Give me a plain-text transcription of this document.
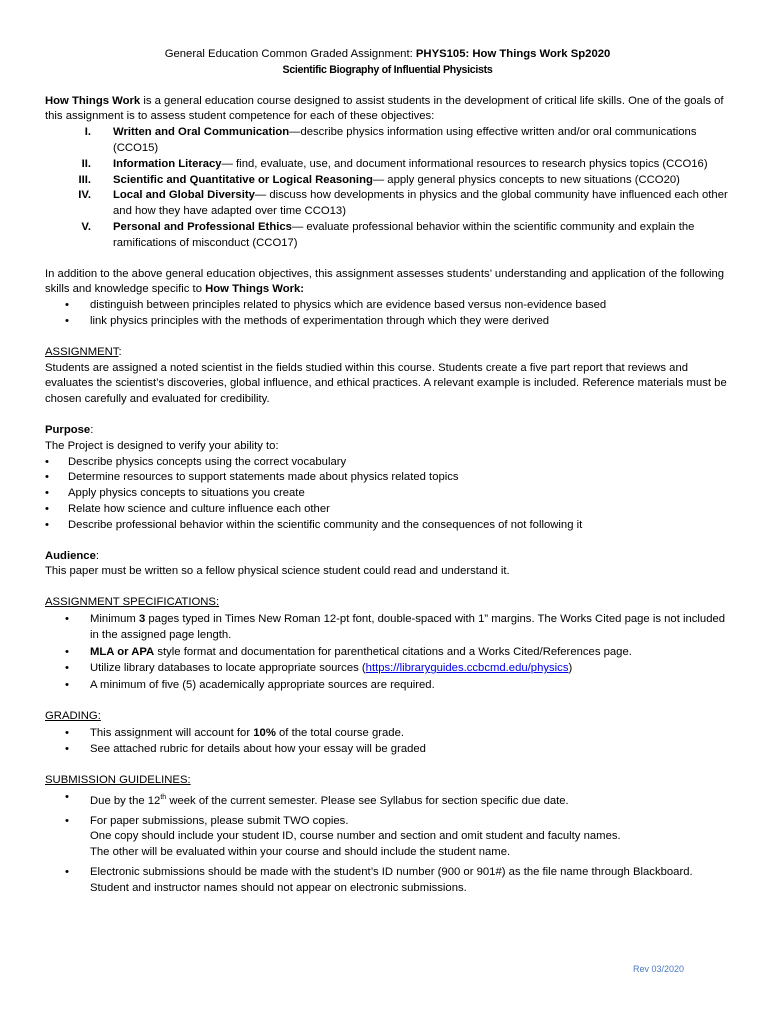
General Education Common Graded Assignment: PHYS105: How Things Work Sp2020

Scientific Biography of Influential Physicists

How Things Work is a general education course designed to assist students in the development of critical life skills. One of the goals of this assignment is to assess student competence for each of these objectives:

I. Written and Oral Communication—describe physics information using effective written and/or oral communications (CCO15)
II. Information Literacy— find, evaluate, use, and document informational resources to research physics topics (CCO16)
III. Scientific and Quantitative or Logical Reasoning— apply general physics concepts to new situations (CCO20)
IV. Local and Global Diversity— discuss how developments in physics and the global community have influenced each other and how they have adapted over time CCO13)
V. Personal and Professional Ethics— evaluate professional behavior within the scientific community and explain the ramifications of misconduct (CCO17)

In addition to the above general education objectives, this assignment assesses students’ understanding and application of the following skills and knowledge specific to How Things Work:

• distinguish between principles related to physics which are evidence based versus non-evidence based
• link physics principles with the methods of experimentation through which they were derived

ASSIGNMENT:

Students are assigned a noted scientist in the fields studied within this course. Students create a five part report that reviews and evaluates the scientist’s discoveries, global influence, and ethical practices. A relevant example is included. Reference materials must be chosen carefully and evaluated for credibility.

Purpose:

The Project is designed to verify your ability to:

• Describe physics concepts using the correct vocabulary
• Determine resources to support statements made about physics related topics
• Apply physics concepts to situations you create
• Relate how science and culture influence each other
• Describe professional behavior within the scientific community and the consequences of not following it

Audience:

This paper must be written so a fellow physical science student could read and understand it.

ASSIGNMENT SPECIFICATIONS:

• Minimum 3 pages typed in Times New Roman 12-pt font, double-spaced with 1” margins. The Works Cited page is not included in the assigned page length.
• MLA or APA style format and documentation for parenthetical citations and a Works Cited/References page.
• Utilize library databases to locate appropriate sources (https://libraryguides.ccbcmd.edu/physics)
• A minimum of five (5) academically appropriate sources are required.

GRADING:

• This assignment will account for 10% of the total course grade.
• See attached rubric for details about how your essay will be graded

SUBMISSION GUIDELINES:

• Due by the 12th week of the current semester. Please see Syllabus for section specific due date.
• For paper submissions, please submit TWO copies.
One copy should include your student ID, course number and section and omit student and faculty names.
The other will be evaluated within your course and should include the student name.
• Electronic submissions should be made with the student’s ID number (900 or 901#) as the file name through Blackboard. Student and instructor names should not appear on electronic submissions.
Rev 03/2020
